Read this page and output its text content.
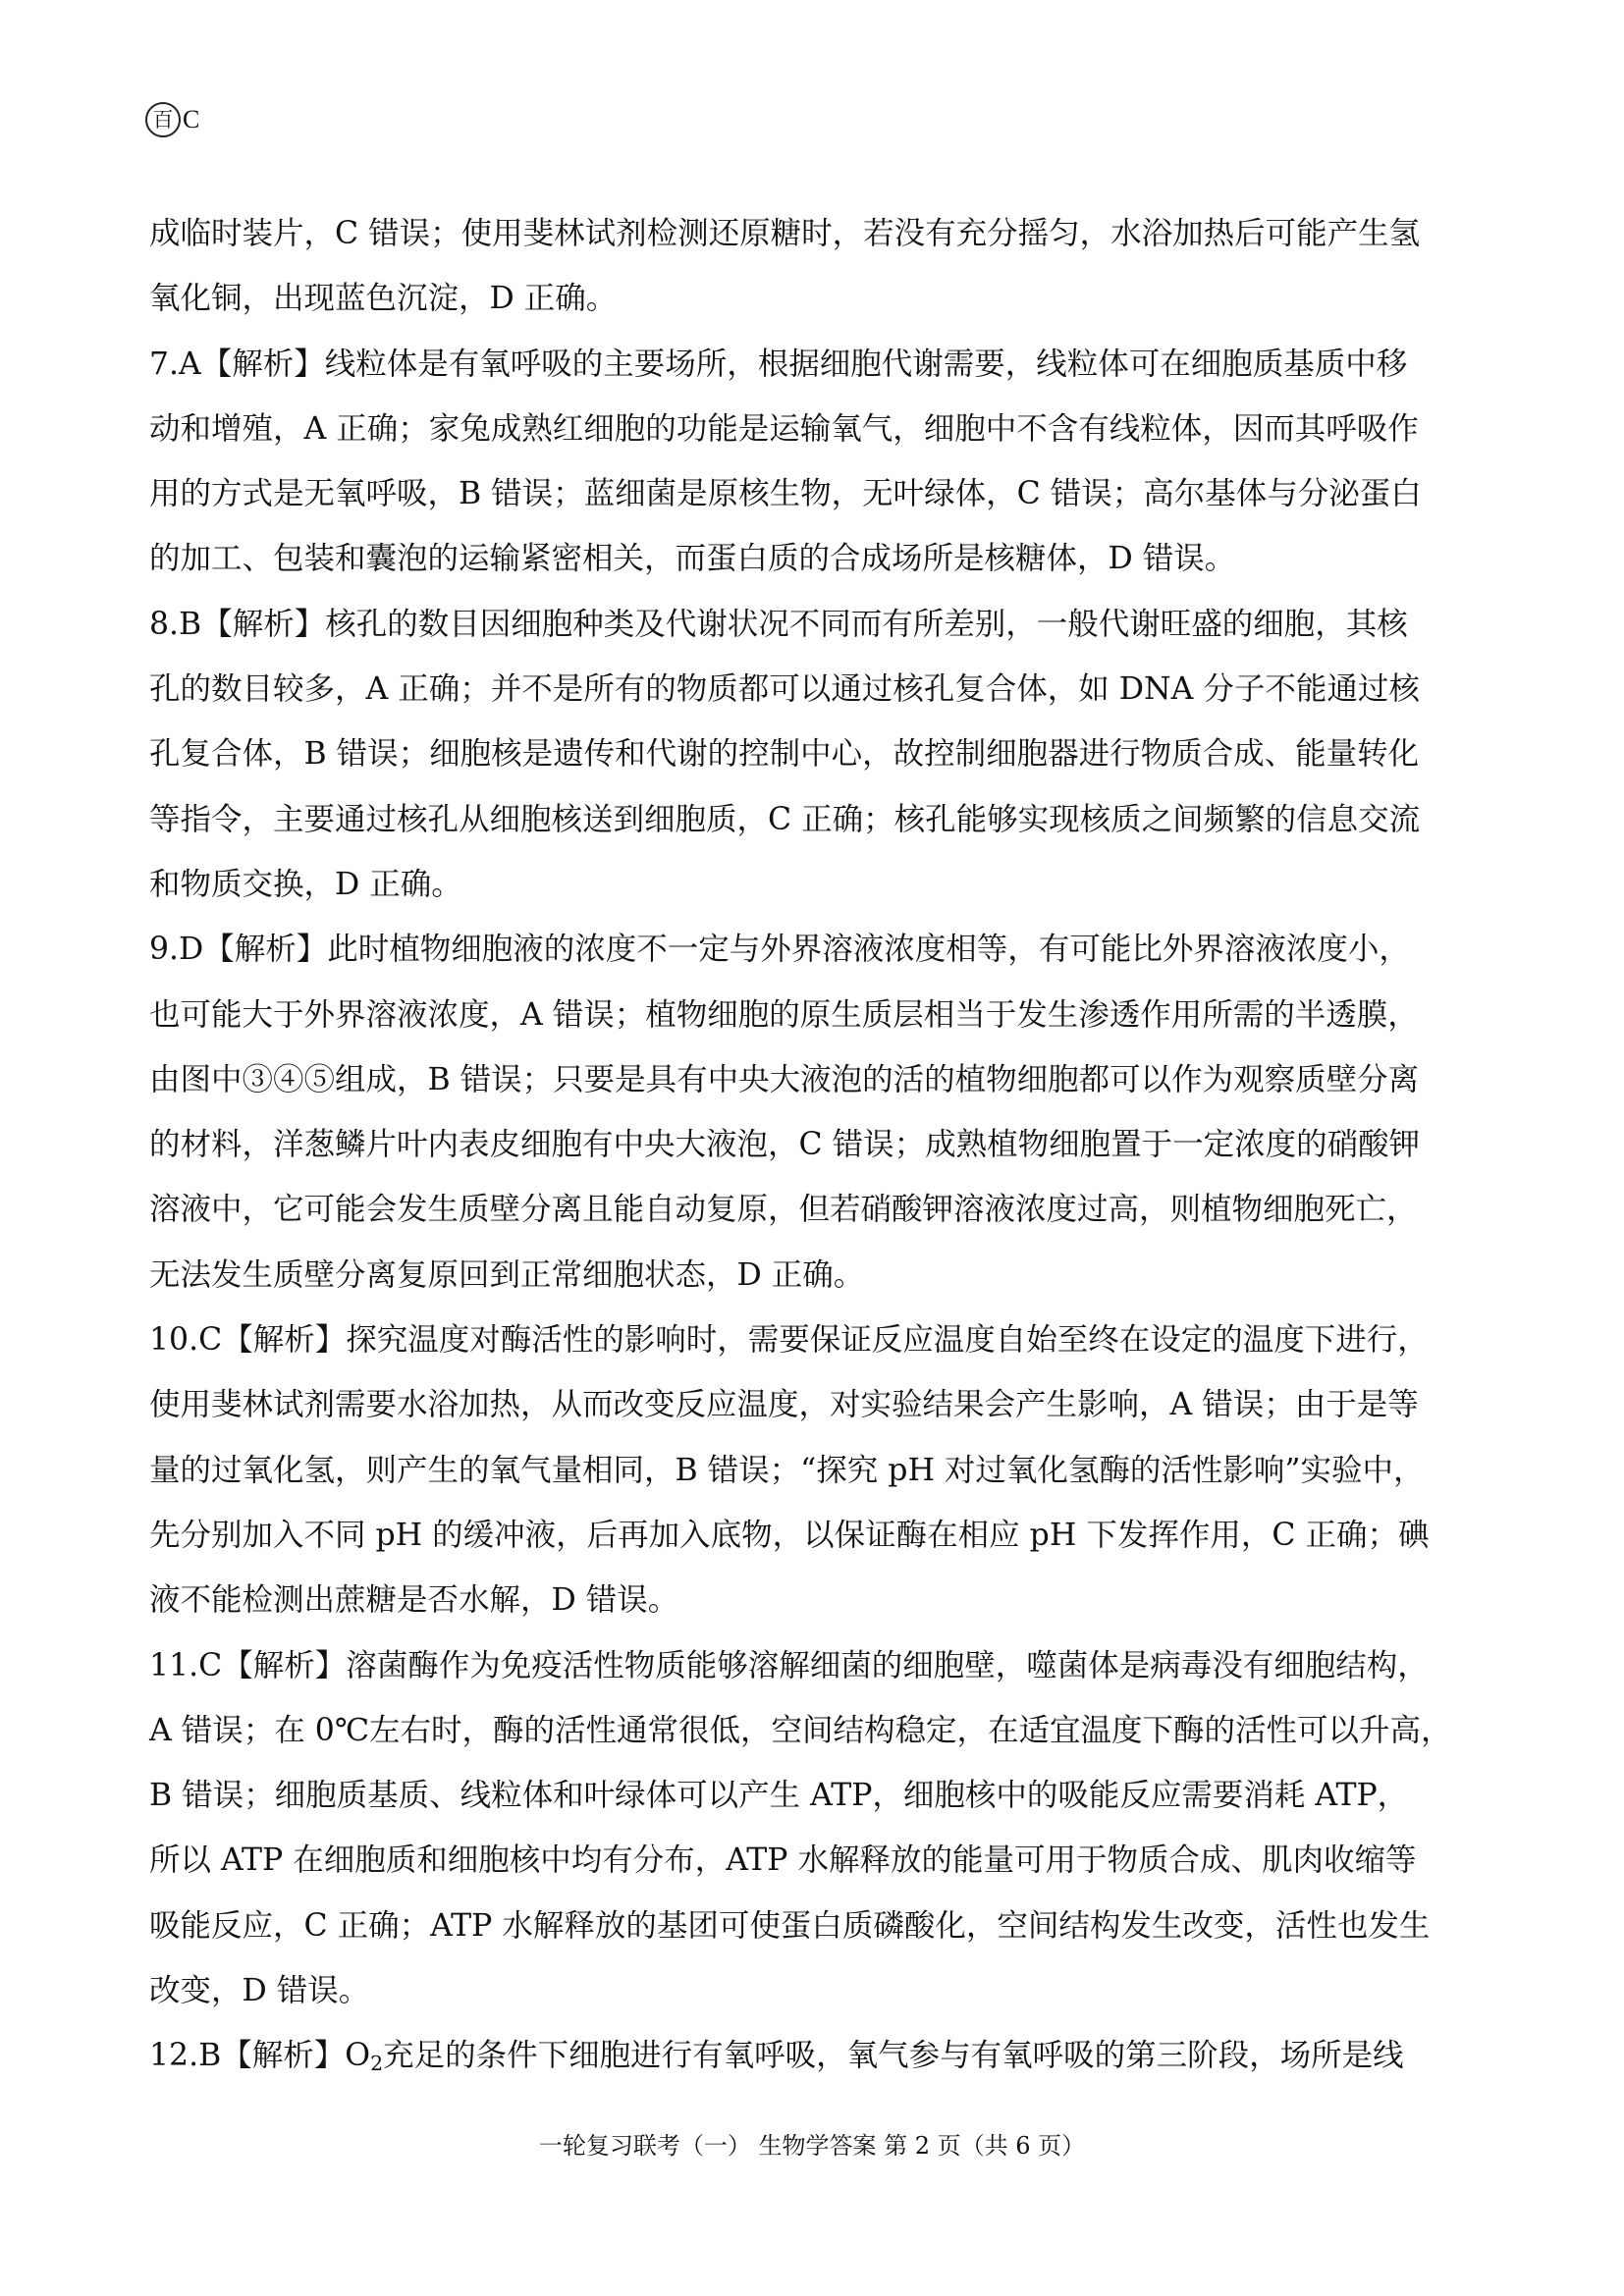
百 C
成临时装片，C 错误；使用斐林试剂检测还原糖时，若没有充分摇匀，水浴加热后可能产生氢
氧化铜，出现蓝色沉淀，D 正确。
7.A【解析】线粒体是有氧呼吸的主要场所，根据细胞代谢需要，线粒体可在细胞质基质中移
动和增殖，A 正确；家兔成熟红细胞的功能是运输氧气，细胞中不含有线粒体，因而其呼吸作
用的方式是无氧呼吸，B 错误；蓝细菌是原核生物，无叶绿体，C 错误；高尔基体与分泌蛋白
的加工、包装和囊泡的运输紧密相关，而蛋白质的合成场所是核糖体，D 错误。
8.B【解析】核孔的数目因细胞种类及代谢状况不同而有所差别，一般代谢旺盛的细胞，其核
孔的数目较多，A 正确；并不是所有的物质都可以通过核孔复合体，如 DNA 分子不能通过核
孔复合体，B 错误；细胞核是遗传和代谢的控制中心，故控制细胞器进行物质合成、能量转化
等指令，主要通过核孔从细胞核送到细胞质，C 正确；核孔能够实现核质之间频繁的信息交流
和物质交换，D 正确。
9.D【解析】此时植物细胞液的浓度不一定与外界溶液浓度相等，有可能比外界溶液浓度小，
也可能大于外界溶液浓度，A 错误；植物细胞的原生质层相当于发生渗透作用所需的半透膜，
由图中③④⑤组成，B 错误；只要是具有中央大液泡的活的植物细胞都可以作为观察质壁分离
的材料，洋葱鳞片叶内表皮细胞有中央大液泡，C 错误；成熟植物细胞置于一定浓度的硝酸钾
溶液中，它可能会发生质壁分离且能自动复原，但若硝酸钾溶液浓度过高，则植物细胞死亡，
无法发生质壁分离复原回到正常细胞状态，D 正确。
10.C【解析】探究温度对酶活性的影响时，需要保证反应温度自始至终在设定的温度下进行，
使用斐林试剂需要水浴加热，从而改变反应温度，对实验结果会产生影响，A 错误；由于是等
量的过氧化氢，则产生的氧气量相同，B 错误；“探究 pH 对过氧化氢酶的活性影响”实验中，
先分别加入不同 pH 的缓冲液，后再加入底物，以保证酶在相应 pH 下发挥作用，C 正确；碘
液不能检测出蔗糖是否水解，D 错误。
11.C【解析】溶菌酶作为免疫活性物质能够溶解细菌的细胞壁，噬菌体是病毒没有细胞结构，
A 错误；在 0℃左右时，酶的活性通常很低，空间结构稳定，在适宜温度下酶的活性可以升高，
B 错误；细胞质基质、线粒体和叶绿体可以产生 ATP，细胞核中的吸能反应需要消耗 ATP，
所以 ATP 在细胞质和细胞核中均有分布，ATP 水解释放的能量可用于物质合成、肌肉收缩等
吸能反应，C 正确；ATP 水解释放的基团可使蛋白质磷酸化，空间结构发生改变，活性也发生
改变，D 错误。
12.B【解析】$O_2$充足的条件下细胞进行有氧呼吸，氧气参与有氧呼吸的第三阶段，场所是线
一轮复习联考（一） 生物学答案 第 2 页（共 6 页）
